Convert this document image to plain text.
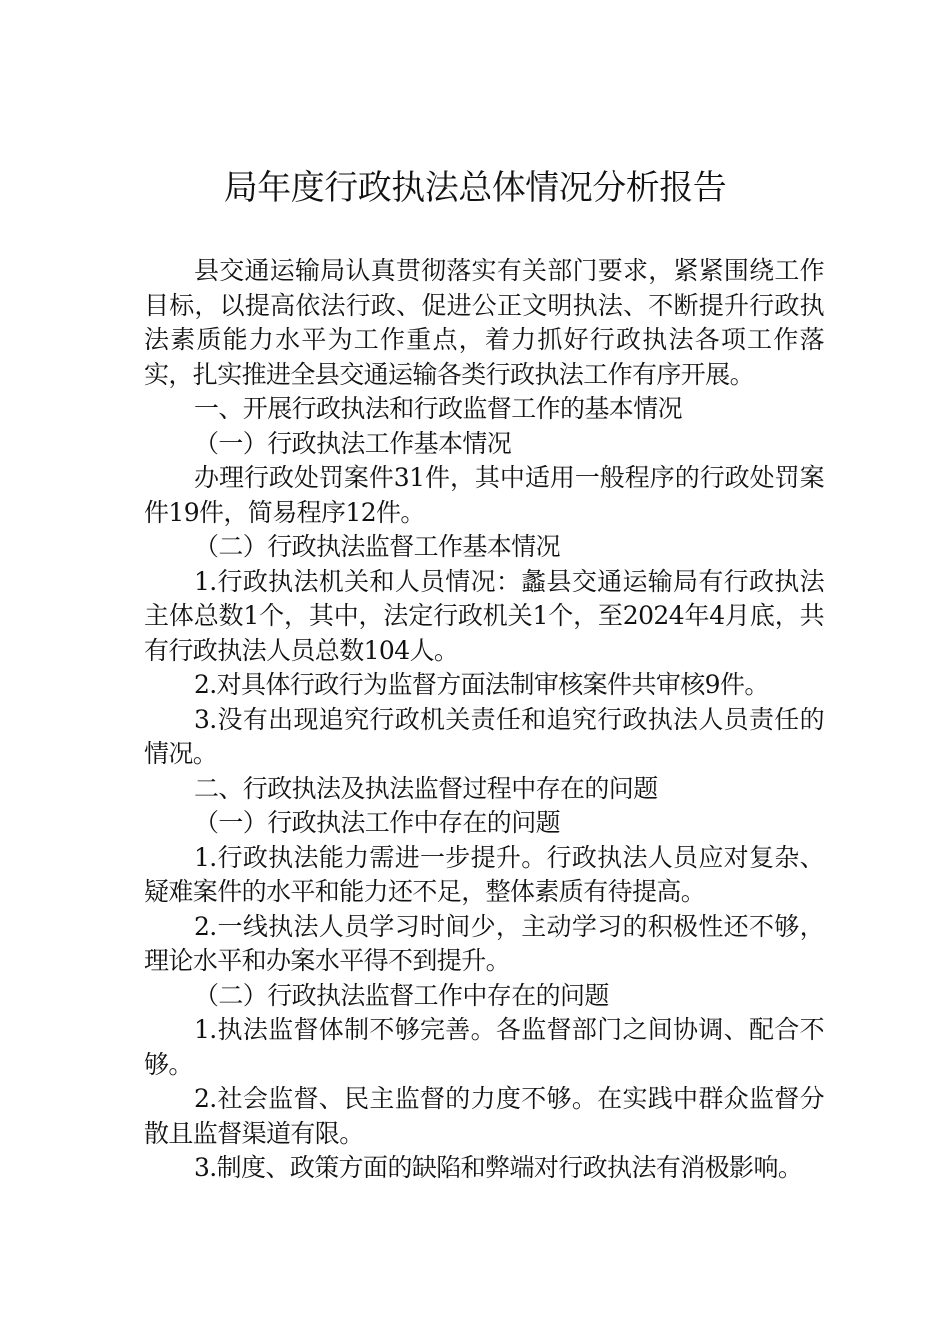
局年度行政执法总体情况分析报告

县交通运输局认真贯彻落实有关部门要求，紧紧围绕工作目标，以提高依法行政、促进公正文明执法、不断提升行政执法素质能力水平为工作重点，着力抓好行政执法各项工作落实，扎实推进全县交通运输各类行政执法工作有序开展。

一、开展行政执法和行政监督工作的基本情况

（一）行政执法工作基本情况

办理行政处罚案件31件，其中适用一般程序的行政处罚案件19件，简易程序12件。

（二）行政执法监督工作基本情况

1.行政执法机关和人员情况：蠡县交通运输局有行政执法主体总数1个，其中，法定行政机关1个，至2024年4月底，共有行政执法人员总数104人。

2.对具体行政行为监督方面法制审核案件共审核9件。

3.没有出现追究行政机关责任和追究行政执法人员责任的情况。

二、行政执法及执法监督过程中存在的问题

（一）行政执法工作中存在的问题

1.行政执法能力需进一步提升。行政执法人员应对复杂、疑难案件的水平和能力还不足，整体素质有待提高。

2.一线执法人员学习时间少，主动学习的积极性还不够，理论水平和办案水平得不到提升。

（二）行政执法监督工作中存在的问题

1.执法监督体制不够完善。各监督部门之间协调、配合不够。

2.社会监督、民主监督的力度不够。在实践中群众监督分散且监督渠道有限。

3.制度、政策方面的缺陷和弊端对行政执法有消极影响。
